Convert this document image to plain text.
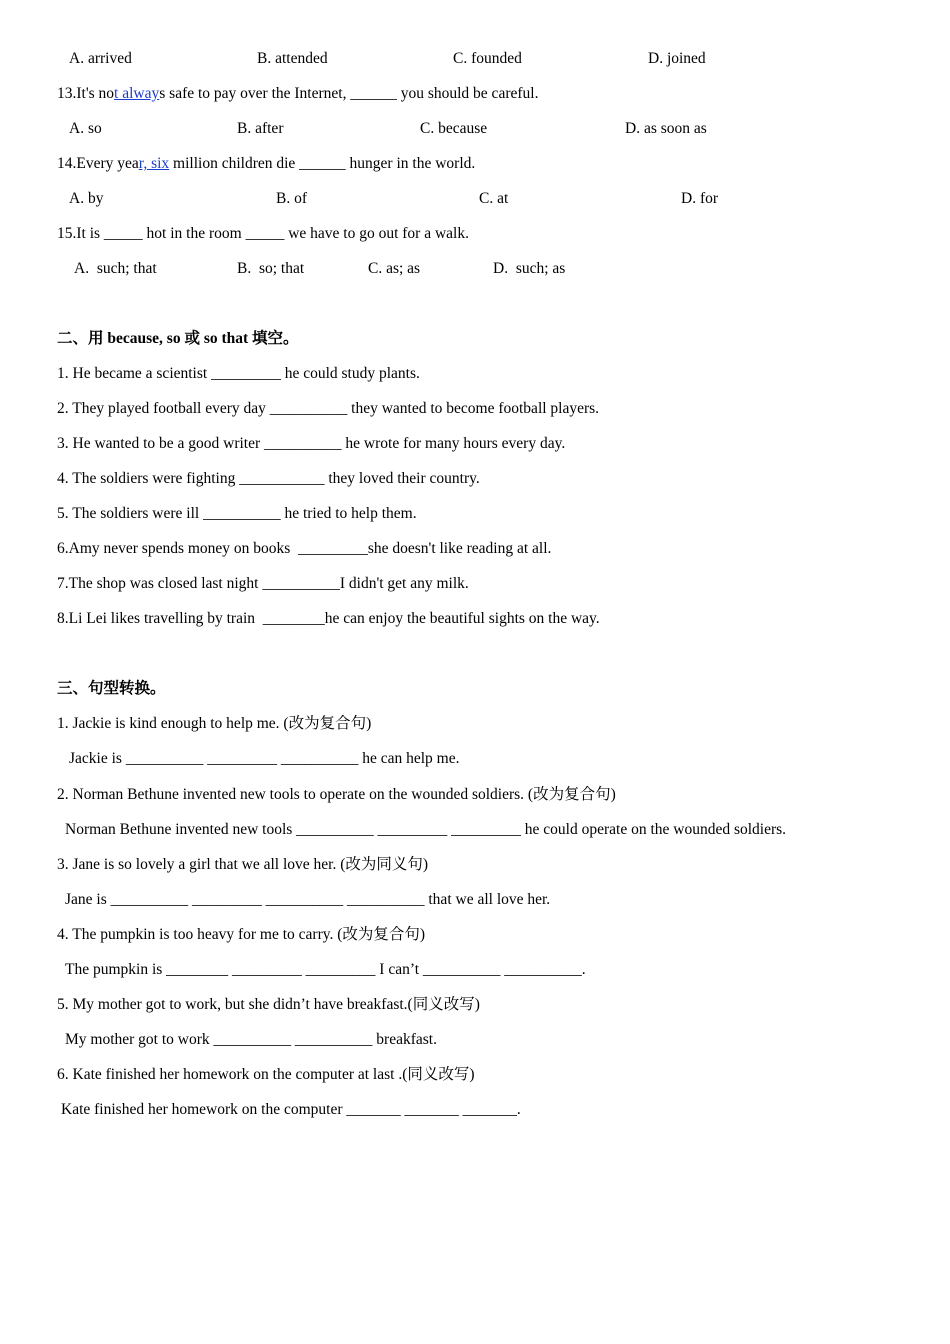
A. arrived	B. attended	C. founded	D. joined
13.It's not always safe to pay over the Internet, ______ you should be careful.
A. so	B. after	C. because	D. as soon as
14.Every year, six million children die ______ hunger in the world.
A. by	B. of	C. at	D. for
15.It is _____ hot in the room _____ we have to go out for a walk.
A.  such; that	B.  so; that	C. as; as	D.  such; as
二、用 because, so 或 so that 填空。
1. He became a scientist _________ he could study plants.
2. They played football every day __________ they wanted to become football players.
3. He wanted to be a good writer __________ he wrote for many hours every day.
4. The soldiers were fighting ___________ they loved their country.
5. The soldiers were ill __________ he tried to help them.
6.Amy never spends money on books  _________she doesn't like reading at all.
7.The shop was closed last night __________I didn't get any milk.
8.Li Lei likes travelling by train  ________he can enjoy the beautiful sights on the way.
三、句型转换。
1. Jackie is kind enough to help me. (改为复合句)
Jackie is __________ _________ __________ he can help me.
2. Norman Bethune invented new tools to operate on the wounded soldiers. (改为复合句)
Norman Bethune invented new tools __________ _________ _________ he could operate on the wounded soldiers.
3. Jane is so lovely a girl that we all love her. (改为同义句)
Jane is __________ _________ __________ __________ that we all love her.
4. The pumpkin is too heavy for me to carry. (改为复合句)
The pumpkin is ________ _________ _________ I can’t __________ __________.
5. My mother got to work, but she didn’t have breakfast.(同义改写)
My mother got to work __________ __________ breakfast.
6. Kate finished her homework on the computer at last .(同义改写)
Kate finished her homework on the computer _______ _______ _______.
